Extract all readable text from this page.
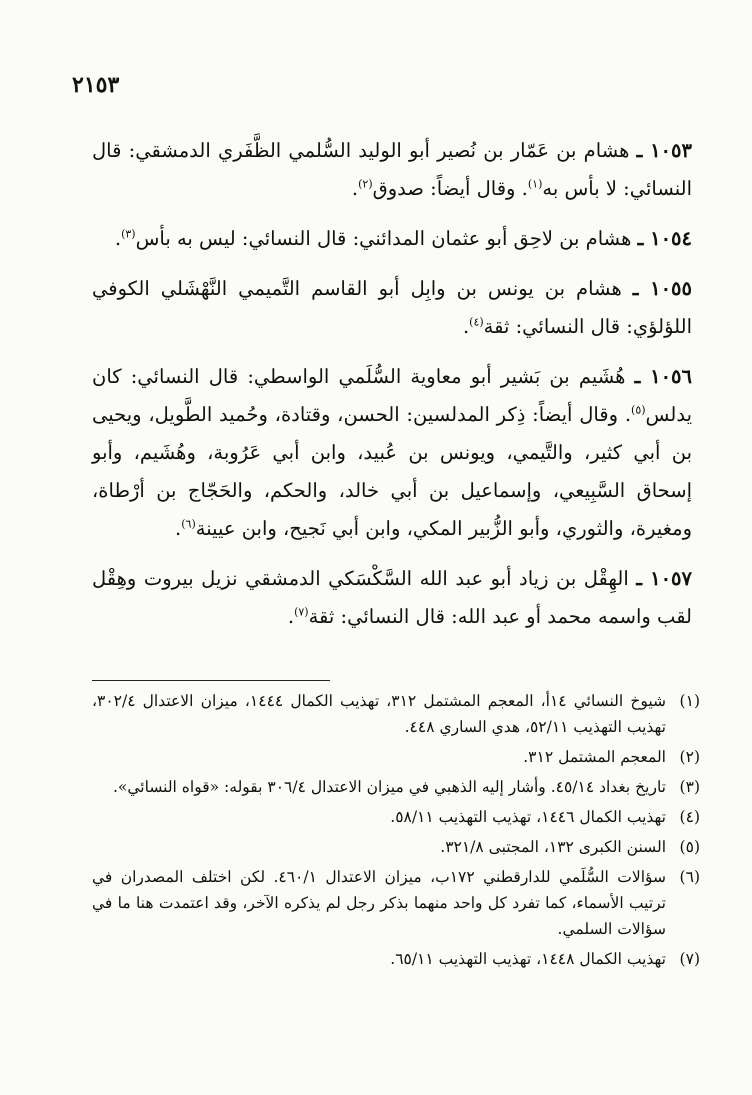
٢١٥٣

١٠٥٣ ـ هشام بن عَمّار بن نُصير أبو الوليد السُّلمي الظَّفَري الدمشقي: قال النسائي: لا بأس به$^{(١)}$. وقال أيضاً: صدوق$^{(٢)}$.

١٠٥٤ ـ هشام بن لاحِق أبو عثمان المدائني: قال النسائي: ليس به بأس$^{(٣)}$.

١٠٥٥ ـ هشام بن يونس بن وابِل أبو القاسم التَّميمي النَّهْشَلي الكوفي اللؤلؤي: قال النسائي: ثقة$^{(٤)}$.

١٠٥٦ ـ هُشَيم بن بَشير أبو معاوية السُّلَمي الواسطي: قال النسائي: كان يدلس$^{(٥)}$. وقال أيضاً: ذِكر المدلسين: الحسن، وقتادة، وحُميد الطَّويل، ويحيى بن أبي كثير، والتَّيمي، ويونس بن عُبيد، وابن أبي عَرُوبة، وهُشَيم، وأبو إسحاق السَّبِيعي، وإسماعيل بن أبي خالد، والحكم، والحَجّاج بن أرْطاة، ومغيرة، والثوري، وأبو الزُّبير المكي، وابن أبي نَجيح، وابن عيينة$^{(٦)}$.

١٠٥٧ ـ الهِقْل بن زياد أبو عبد الله السَّكْسَكي الدمشقي نزيل بيروت وهِقْل لقب واسمه محمد أو عبد الله: قال النسائي: ثقة$^{(٧)}$.

(١)
شيوخ النسائي ١٤أ، المعجم المشتمل ٣١٢، تهذيب الكمال ١٤٤٤، ميزان الاعتدال ٣٠٢/٤، تهذيب التهذيب ٥٢/١١، هدي الساري ٤٤٨.
(٢)
المعجم المشتمل ٣١٢.
(٣)
تاريخ بغداد ٤٥/١٤. وأشار إليه الذهبي في ميزان الاعتدال ٣٠٦/٤ بقوله: «قواه النسائي».
(٤)
تهذيب الكمال ١٤٤٦، تهذيب التهذيب ٥٨/١١.
(٥)
السنن الكبرى ١٣٢، المجتبى ٣٢١/٨.
(٦)
سؤالات السُّلَمي للدارقطني ١٧٢ب، ميزان الاعتدال ٤٦٠/١. لكن اختلف المصدران في ترتيب الأسماء، كما تفرد كل واحد منهما بذكر رجل لم يذكره الآخر، وقد اعتمدت هنا ما في سؤالات السلمي.
(٧)
تهذيب الكمال ١٤٤٨، تهذيب التهذيب ٦٥/١١.
